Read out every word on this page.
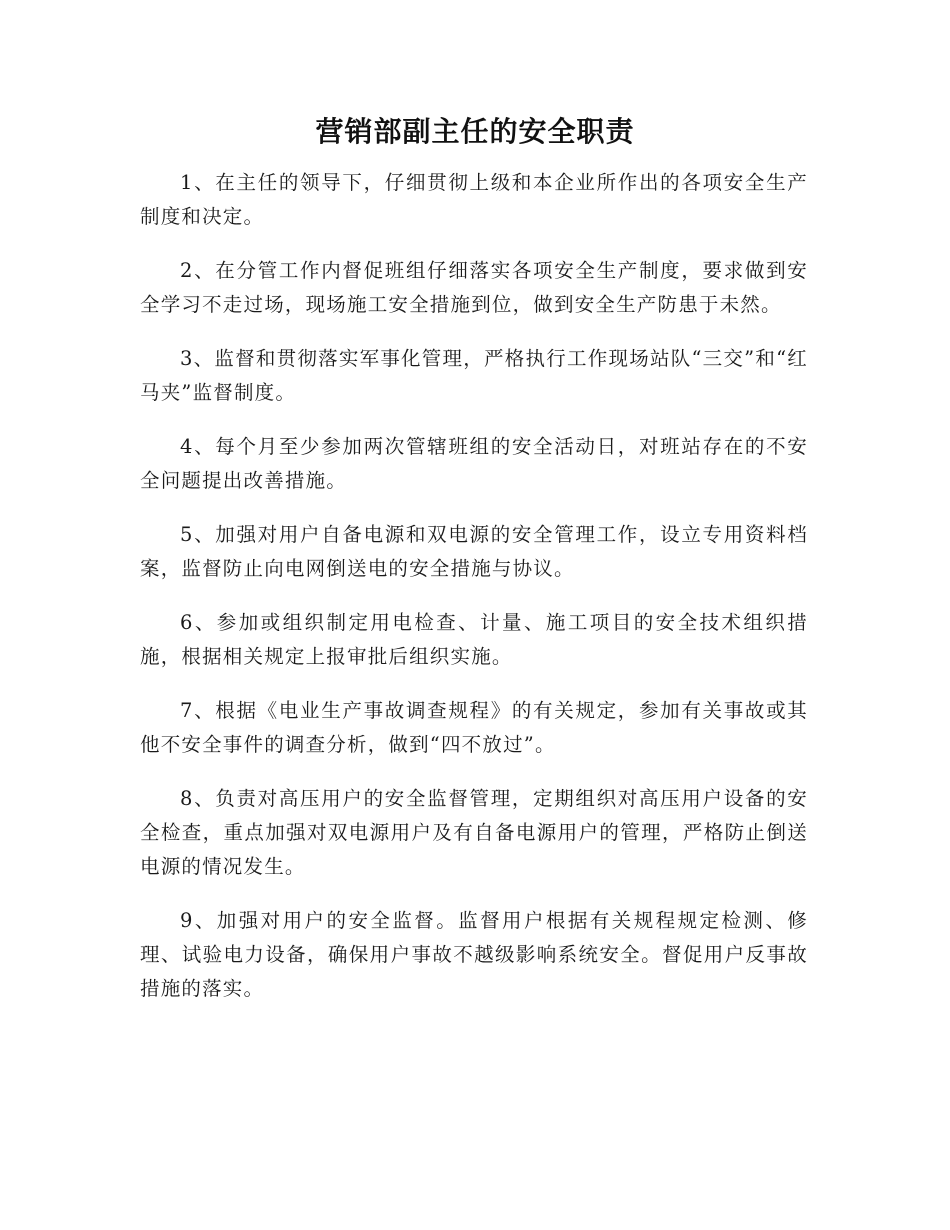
营销部副主任的安全职责

1、在主任的领导下，仔细贯彻上级和本企业所作出的各项安全生产制度和决定。

2、在分管工作内督促班组仔细落实各项安全生产制度，要求做到安全学习不走过场，现场施工安全措施到位，做到安全生产防患于未然。

3、监督和贯彻落实军事化管理，严格执行工作现场站队“三交”和“红马夹”监督制度。

4、每个月至少参加两次管辖班组的安全活动日，对班站存在的不安全问题提出改善措施。

5、加强对用户自备电源和双电源的安全管理工作，设立专用资料档案，监督防止向电网倒送电的安全措施与协议。

6、参加或组织制定用电检查、计量、施工项目的安全技术组织措施，根据相关规定上报审批后组织实施。

7、根据《电业生产事故调查规程》的有关规定，参加有关事故或其他不安全事件的调查分析，做到“四不放过”。

8、负责对高压用户的安全监督管理，定期组织对高压用户设备的安全检查，重点加强对双电源用户及有自备电源用户的管理，严格防止倒送电源的情况发生。

9、加强对用户的安全监督。监督用户根据有关规程规定检测、修理、试验电力设备，确保用户事故不越级影响系统安全。督促用户反事故措施的落实。
